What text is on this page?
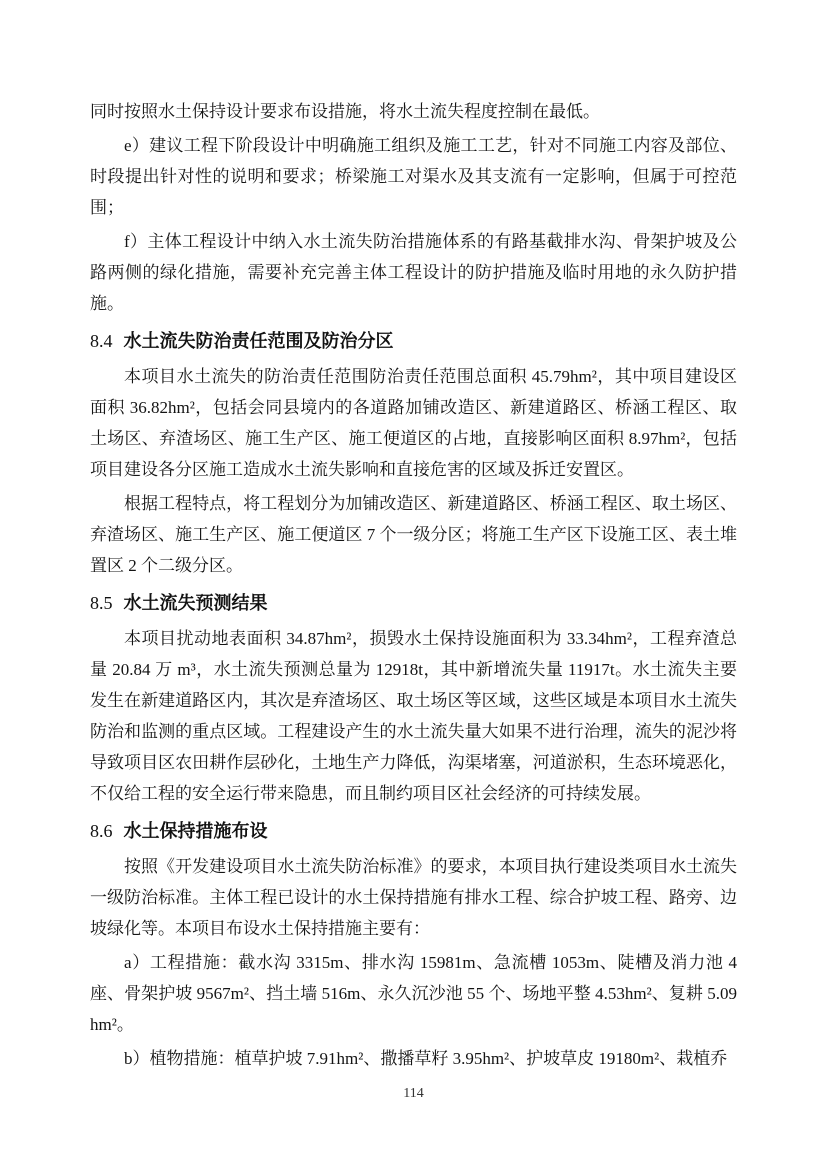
同时按照水土保持设计要求布设措施，将水土流失程度控制在最低。

e）建议工程下阶段设计中明确施工组织及施工工艺，针对不同施工内容及部位、时段提出针对性的说明和要求；桥梁施工对渠水及其支流有一定影响，但属于可控范围；

f）主体工程设计中纳入水土流失防治措施体系的有路基截排水沟、骨架护坡及公路两侧的绿化措施，需要补充完善主体工程设计的防护措施及临时用地的永久防护措施。

8.4 水土流失防治责任范围及防治分区

本项目水土流失的防治责任范围防治责任范围总面积 45.79hm²，其中项目建设区面积 36.82hm²，包括会同县境内的各道路加铺改造区、新建道路区、桥涵工程区、取土场区、弃渣场区、施工生产区、施工便道区的占地，直接影响区面积 8.97hm²，包括项目建设各分区施工造成水土流失影响和直接危害的区域及拆迁安置区。

根据工程特点，将工程划分为加铺改造区、新建道路区、桥涵工程区、取土场区、弃渣场区、施工生产区、施工便道区 7 个一级分区；将施工生产区下设施工区、表土堆置区 2 个二级分区。

8.5 水土流失预测结果

本项目扰动地表面积 34.87hm²，损毁水土保持设施面积为 33.34hm²，工程弃渣总量 20.84 万 m³，水土流失预测总量为 12918t，其中新增流失量 11917t。水土流失主要发生在新建道路区内，其次是弃渣场区、取土场区等区域，这些区域是本项目水土流失防治和监测的重点区域。工程建设产生的水土流失量大如果不进行治理，流失的泥沙将导致项目区农田耕作层砂化，土地生产力降低，沟渠堵塞，河道淤积，生态环境恶化，不仅给工程的安全运行带来隐患，而且制约项目区社会经济的可持续发展。

8.6 水土保持措施布设

按照《开发建设项目水土流失防治标准》的要求，本项目执行建设类项目水土流失一级防治标准。主体工程已设计的水土保持措施有排水工程、综合护坡工程、路旁、边坡绿化等。本项目布设水土保持措施主要有：

a）工程措施：截水沟 3315m、排水沟 15981m、急流槽 1053m、陡槽及消力池 4 座、骨架护坡 9567m²、挡土墙 516m、永久沉沙池 55 个、场地平整 4.53hm²、复耕 5.09hm²。

b）植物措施：植草护坡 7.91hm²、撒播草籽 3.95hm²、护坡草皮 19180m²、栽植乔

114
